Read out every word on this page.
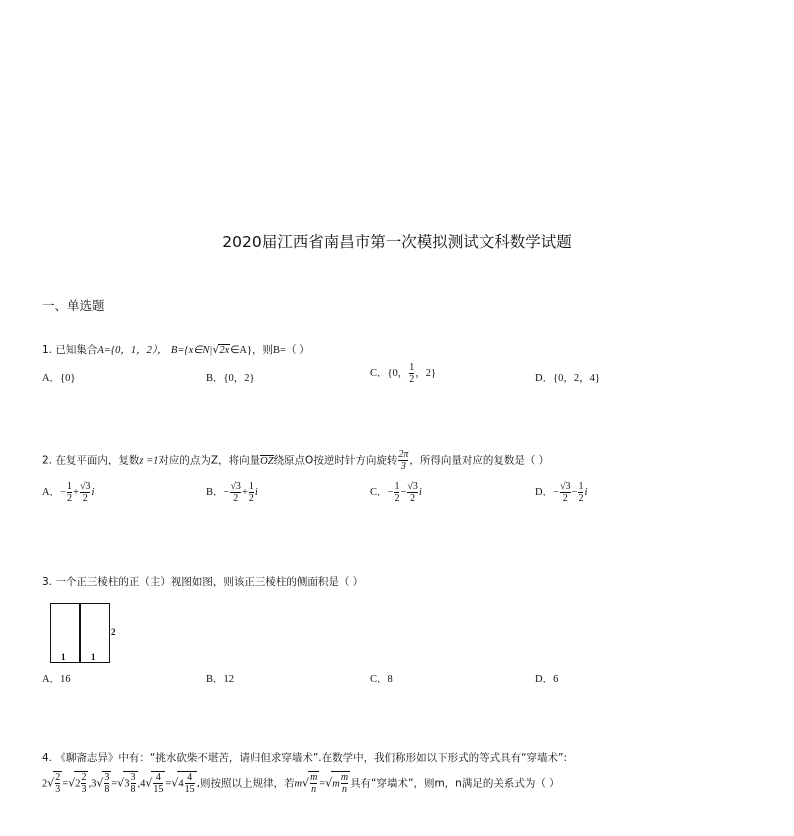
2020届江西省南昌市第一次模拟测试文科数学试题
一、单选题
1. 已知集合A={0，1，2）， B={x∈N|√2x∈A}，则B=（ ）
A．{0}	B．{0，2}	C．{0， $\frac{1}{2}$ ，2}	D．{0，2，4}
2. 在复平面内，复数z =1对应的点为Z，将向量OZ绕原点O按逆时针方向旋转 $\frac{2\pi}{3}$ ，所得向量对应的复数是（ ）
A．− $\frac{1}{2} + \frac{√3}{2}$ i	B．− $\frac{√3}{2} + \frac{1}{2}$ i	C．− $\frac{1}{2} - \frac{√3}{2}$ i	D．− $\frac{√3}{2} - \frac{1}{2}$ i
3. 一个正三棱柱的正（主）视图如图，则该正三棱柱的侧面积是（ ）
1	1
2
A．16	B．12	C．8	D．6
4. 《聊斋志异》中有：“挑水砍柴不堪苦，请归但求穿墙术”.在数学中，我们称形如以下形式的等式具有“穿墙术”:
$2√ \frac{2}{3} =√2 \frac{2}{3} ,3√ \frac{3}{8} =√3 \frac{3}{8} ,4√ \frac{4}{15} =√4 \frac{4}{15}$ ,则按照以上规律，若$m√ \frac{m}{n} =√m \frac{m}{n}$ 具有“穿墙术”，则m，n满足的关系式为（ ）
